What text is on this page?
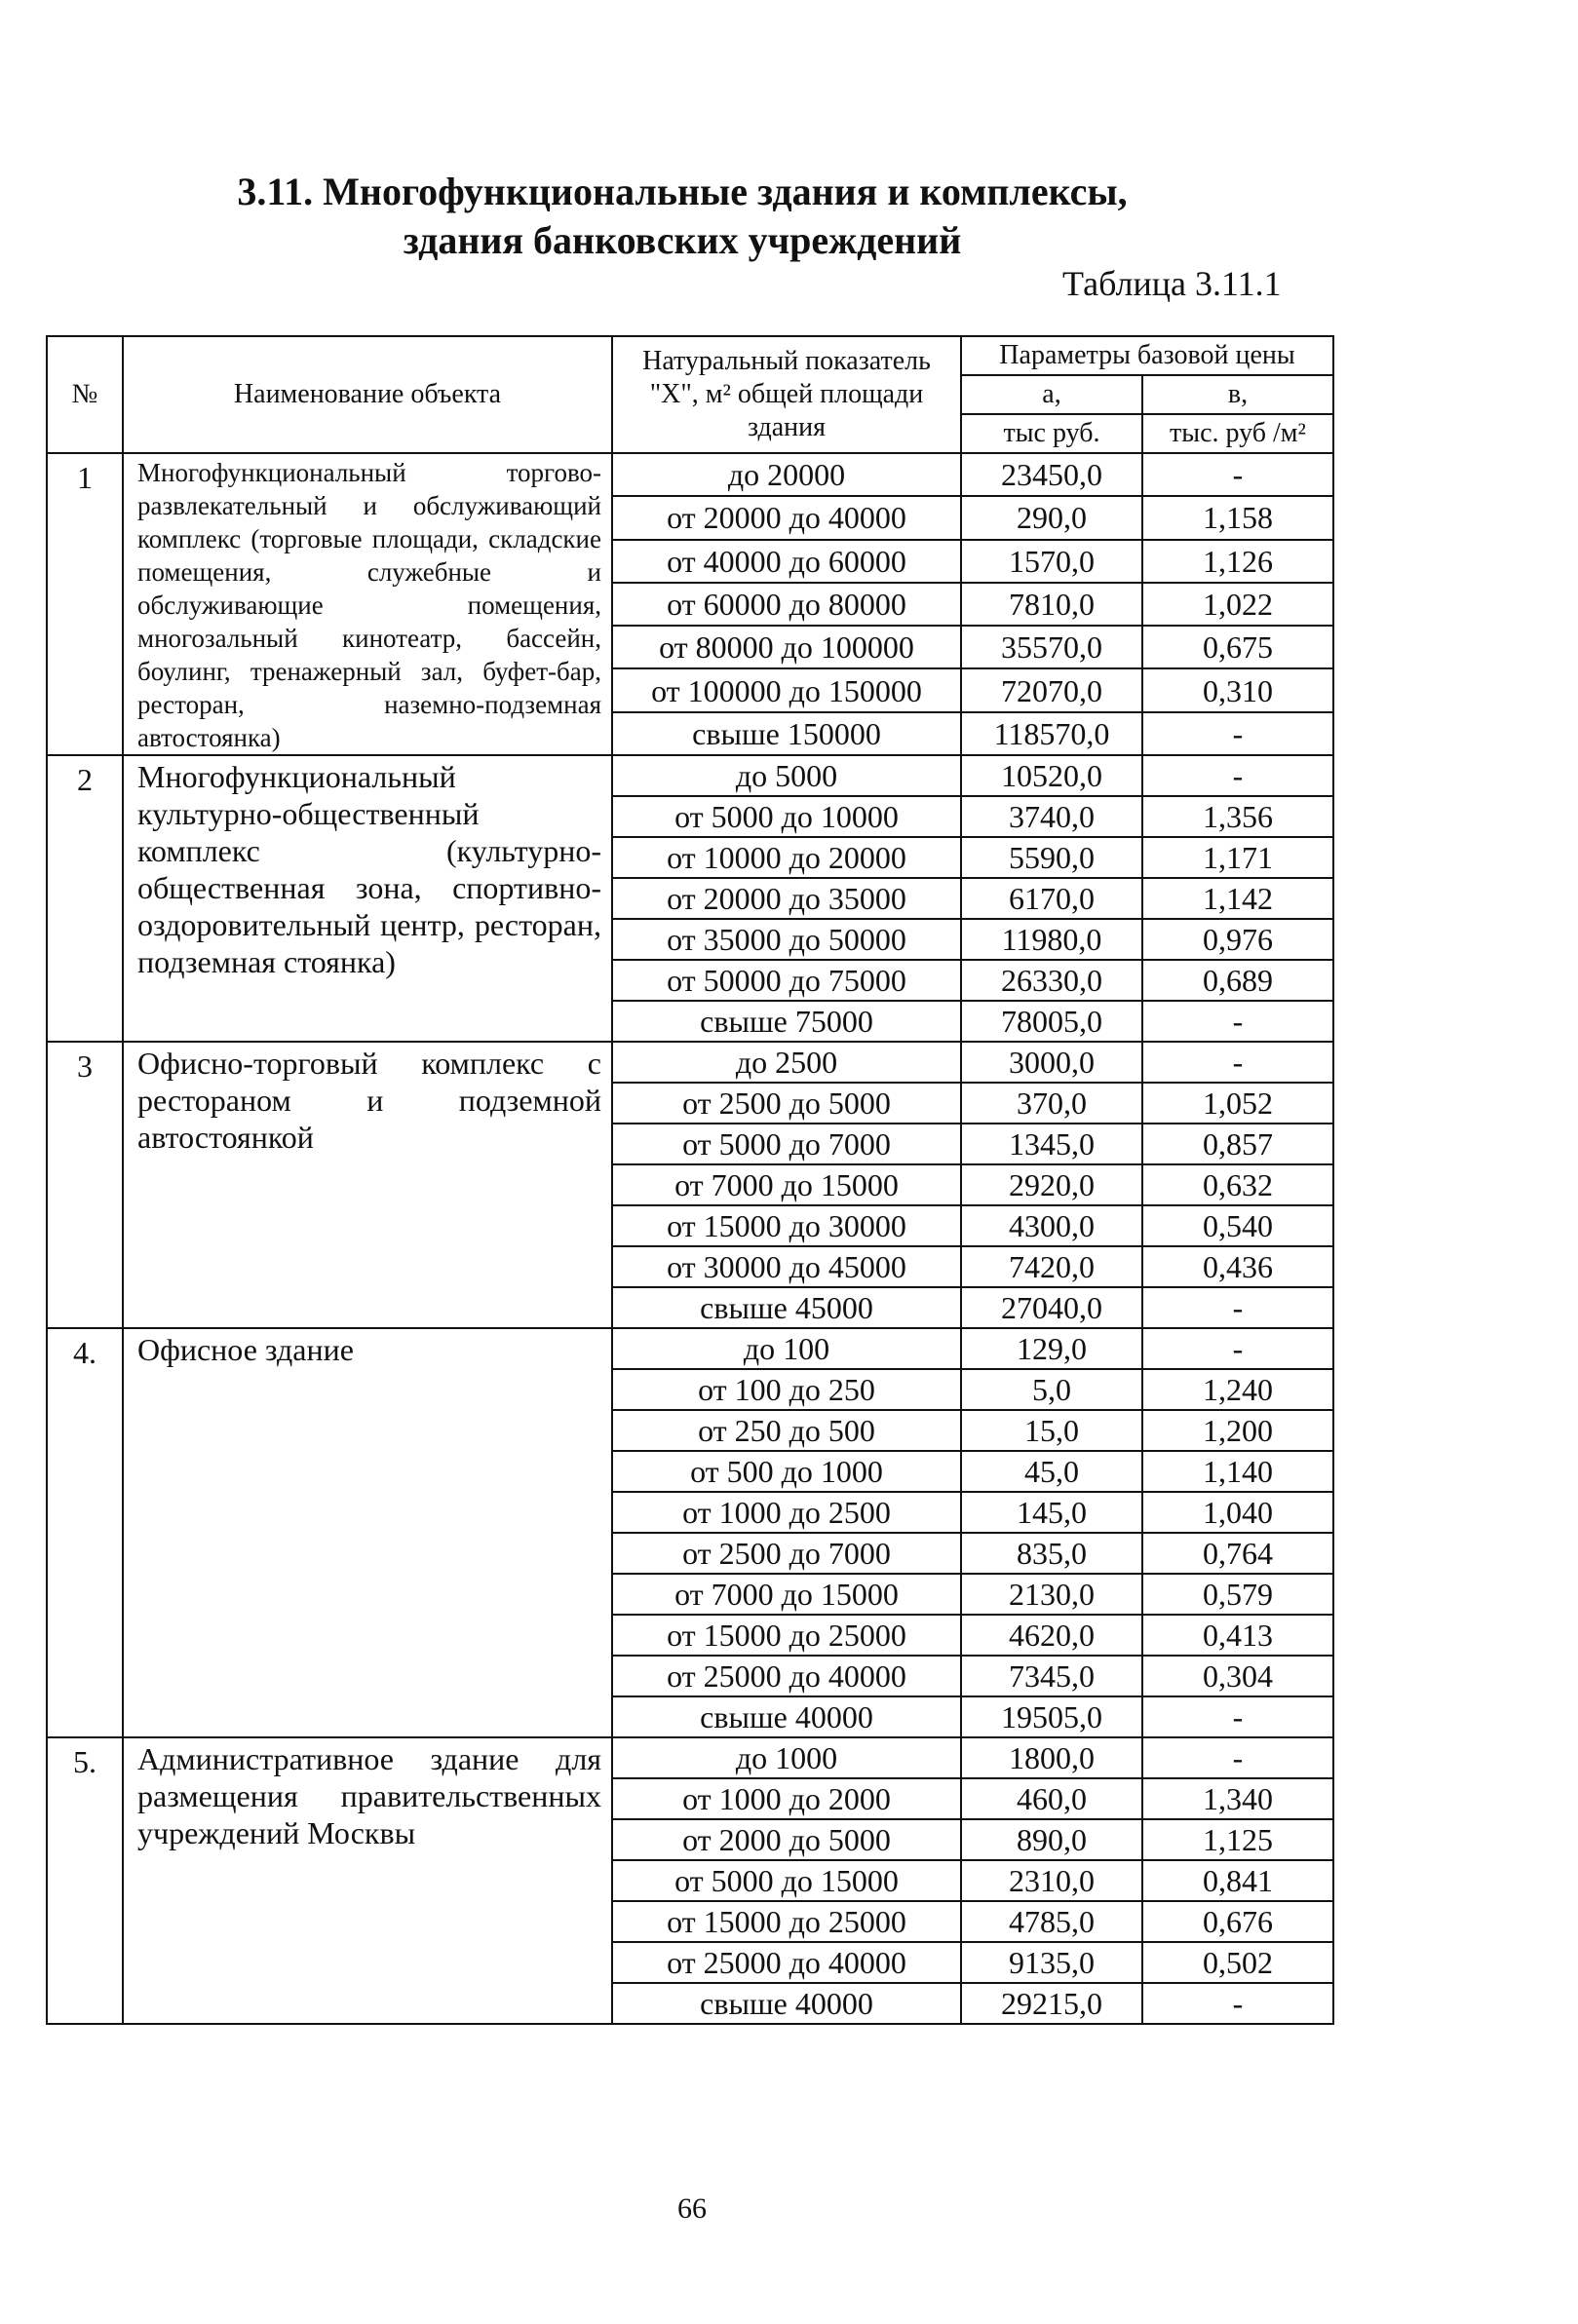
3.11. Многофункциональные здания и комплексы,
здания банковских учреждений
Таблица 3.11.1
№	Наименование объекта	Натуральный показатель "Х", м² общей площади здания	Параметры базовой цены	
			а,	в,
			тыс руб.	тыс. руб /м²
1	Многофункциональный торгово-развлекательный и обслуживающий комплекс (торговые площади, складские помещения, служебные и обслуживающие помещения, многозальный кинотеатр, бассейн, боулинг, тренажерный зал, буфет-бар, ресторан, наземно-подземная автостоянка)	до 20000	23450,0	-
		от 20000 до 40000	290,0	1,158
		от 40000 до 60000	1570,0	1,126
		от 60000 до 80000	7810,0	1,022
		от 80000 до 100000	35570,0	0,675
		от 100000 до 150000	72070,0	0,310
		свыше 150000	118570,0	-
2	Многофункциональный культурно-общественный комплекс (культурно-общественная зона, спортивно-оздоровительный центр, ресторан, подземная стоянка)	до 5000	10520,0	-
		от 5000 до 10000	3740,0	1,356
		от 10000 до 20000	5590,0	1,171
		от 20000 до 35000	6170,0	1,142
		от 35000 до 50000	11980,0	0,976
		от 50000 до 75000	26330,0	0,689
		свыше 75000	78005,0	-
3	Офисно-торговый комплекс с рестораном и подземной автостоянкой	до 2500	3000,0	-
		от 2500 до 5000	370,0	1,052
		от 5000 до 7000	1345,0	0,857
		от 7000 до 15000	2920,0	0,632
		от 15000 до 30000	4300,0	0,540
		от 30000 до 45000	7420,0	0,436
		свыше 45000	27040,0	-
4.	Офисное здание	до 100	129,0	-
		от 100 до 250	5,0	1,240
		от 250 до 500	15,0	1,200
		от 500 до 1000	45,0	1,140
		от 1000 до 2500	145,0	1,040
		от 2500 до 7000	835,0	0,764
		от 7000 до 15000	2130,0	0,579
		от 15000 до 25000	4620,0	0,413
		от 25000 до 40000	7345,0	0,304
		свыше 40000	19505,0	-
5.	Административное здание для размещения правительственных учреждений Москвы	до 1000	1800,0	-
		от 1000 до 2000	460,0	1,340
		от 2000 до 5000	890,0	1,125
		от 5000 до 15000	2310,0	0,841
		от 15000 до 25000	4785,0	0,676
		от 25000 до 40000	9135,0	0,502
		свыше 40000	29215,0	-
66
